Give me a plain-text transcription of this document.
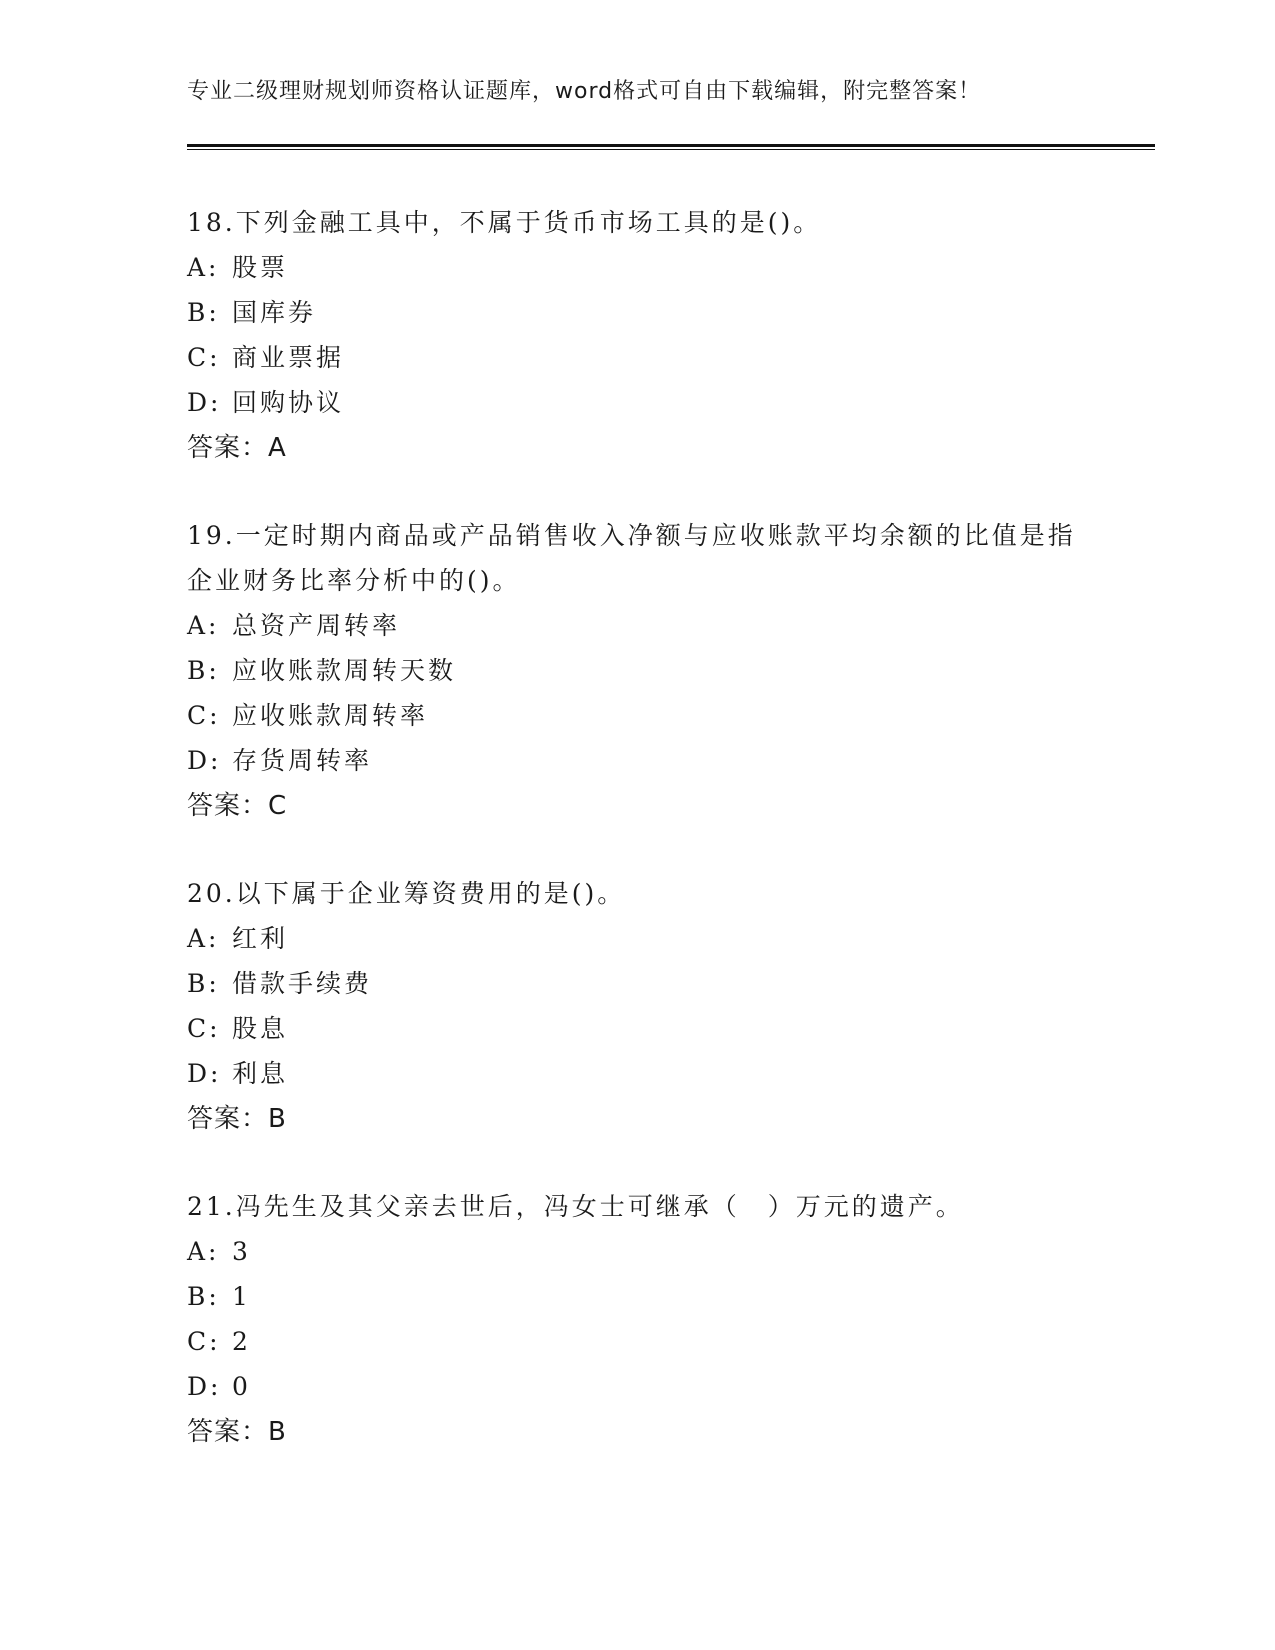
专业二级理财规划师资格认证题库，word格式可自由下载编辑，附完整答案！
18.下列金融工具中，不属于货币市场工具的是()。
A: 股票
B: 国库券
C: 商业票据
D: 回购协议
答案：A
19.一定时期内商品或产品销售收入净额与应收账款平均余额的比值是指企业财务比率分析中的()。
A: 总资产周转率
B: 应收账款周转天数
C: 应收账款周转率
D: 存货周转率
答案：C
20.以下属于企业筹资费用的是()。
A: 红利
B: 借款手续费
C: 股息
D: 利息
答案：B
21.冯先生及其父亲去世后，冯女士可继承（　）万元的遗产。
A: 3
B: 1
C: 2
D: 0
答案：B
